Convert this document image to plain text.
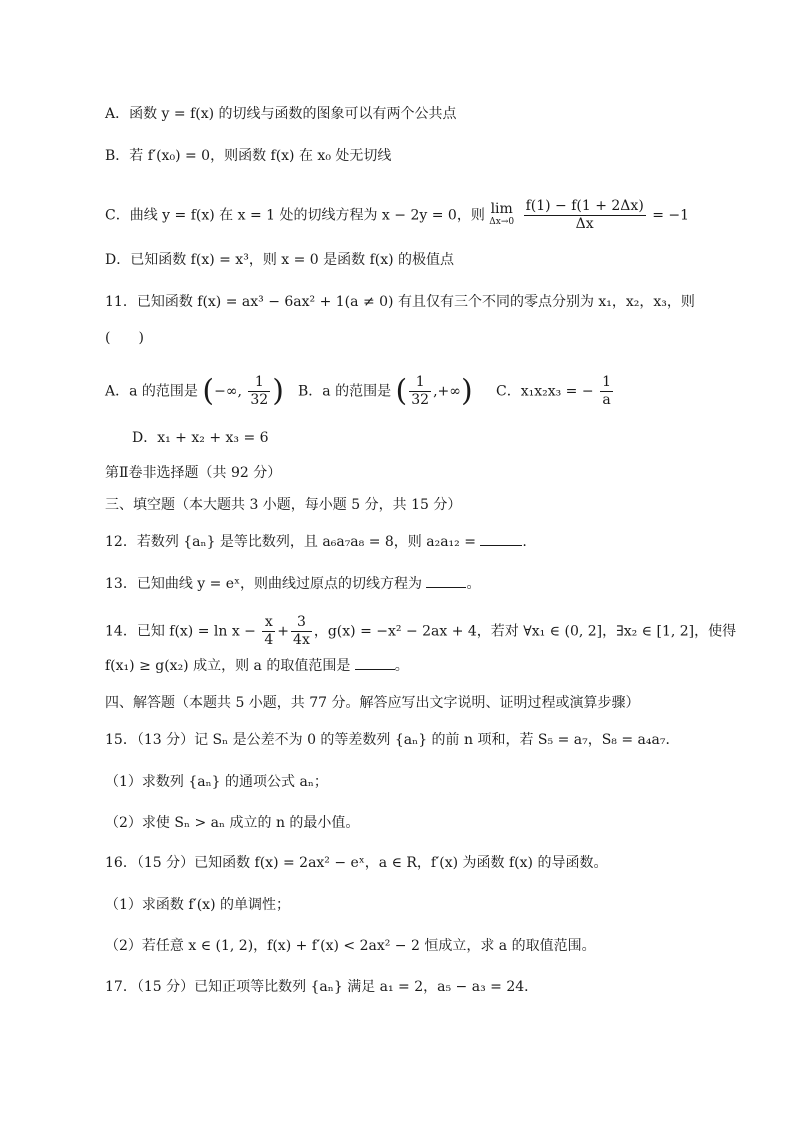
A．函数 y = f(x) 的切线与函数的图象可以有两个公共点
B．若 f′(x₀) = 0，则函数 f(x) 在 x₀ 处无切线
C．曲线 y = f(x) 在 x = 1 处的切线方程为 x − 2y = 0，则 lim
Δx→0
$\frac{f(1) - f(1 + 2\Delta x)}{\Delta x} = -1$
D．已知函数 f(x) = x³，则 x = 0 是函数 f(x) 的极值点
11．已知函数 f(x) = ax³ − 6ax² + 1(a ≠ 0) 有且仅有三个不同的零点分别为 x₁，x₂，x₃，则
(　　)
A．a 的范围是 (−∞, $\frac{1}{32}$ ) B．a 的范围是 ( $\frac{1}{32}$ ,+∞) C．x₁x₂x₃ = − $\frac{1}{a}$
D．x₁ + x₂ + x₃ = 6
第Ⅱ卷非选择题（共 92 分）
三、填空题（本大题共 3 小题，每小题 5 分，共 15 分）
12．若数列 {aₙ} 是等比数列，且 a₆a₇a₈ = 8，则 a₂a₁₂ =	.
13．已知曲线 y = eˣ，则曲线过原点的切线方程为	。
14．已知 $f(x) = \ln x - \frac{x}{4} + \frac{3}{4x}$ ，g(x) = −x² − 2ax + 4，若对 ∀x₁ ∈ (0, 2]，∃x₂ ∈ [1, 2]，使得
f(x₁) ≥ g(x₂) 成立，则 a 的取值范围是	。
四、解答题（本题共 5 小题，共 77 分。解答应写出文字说明、证明过程或演算步骤）
15．（13 分）记 Sₙ 是公差不为 0 的等差数列 {aₙ} 的前 n 项和，若 S₅ = a₇，S₈ = a₄a₇．
（1）求数列 {aₙ} 的通项公式 aₙ；
（2）求使 Sₙ > aₙ 成立的 n 的最小值。
16．（15 分）已知函数 f(x) = 2ax² − eˣ，a ∈ R，f′(x) 为函数 f(x) 的导函数。
（1）求函数 f′(x) 的单调性；
（2）若任意 x ∈ (1, 2)，f(x) + f′(x) < 2ax² − 2 恒成立，求 a 的取值范围。
17．（15 分）已知正项等比数列 {aₙ} 满足 a₁ = 2，a₅ − a₃ = 24．
